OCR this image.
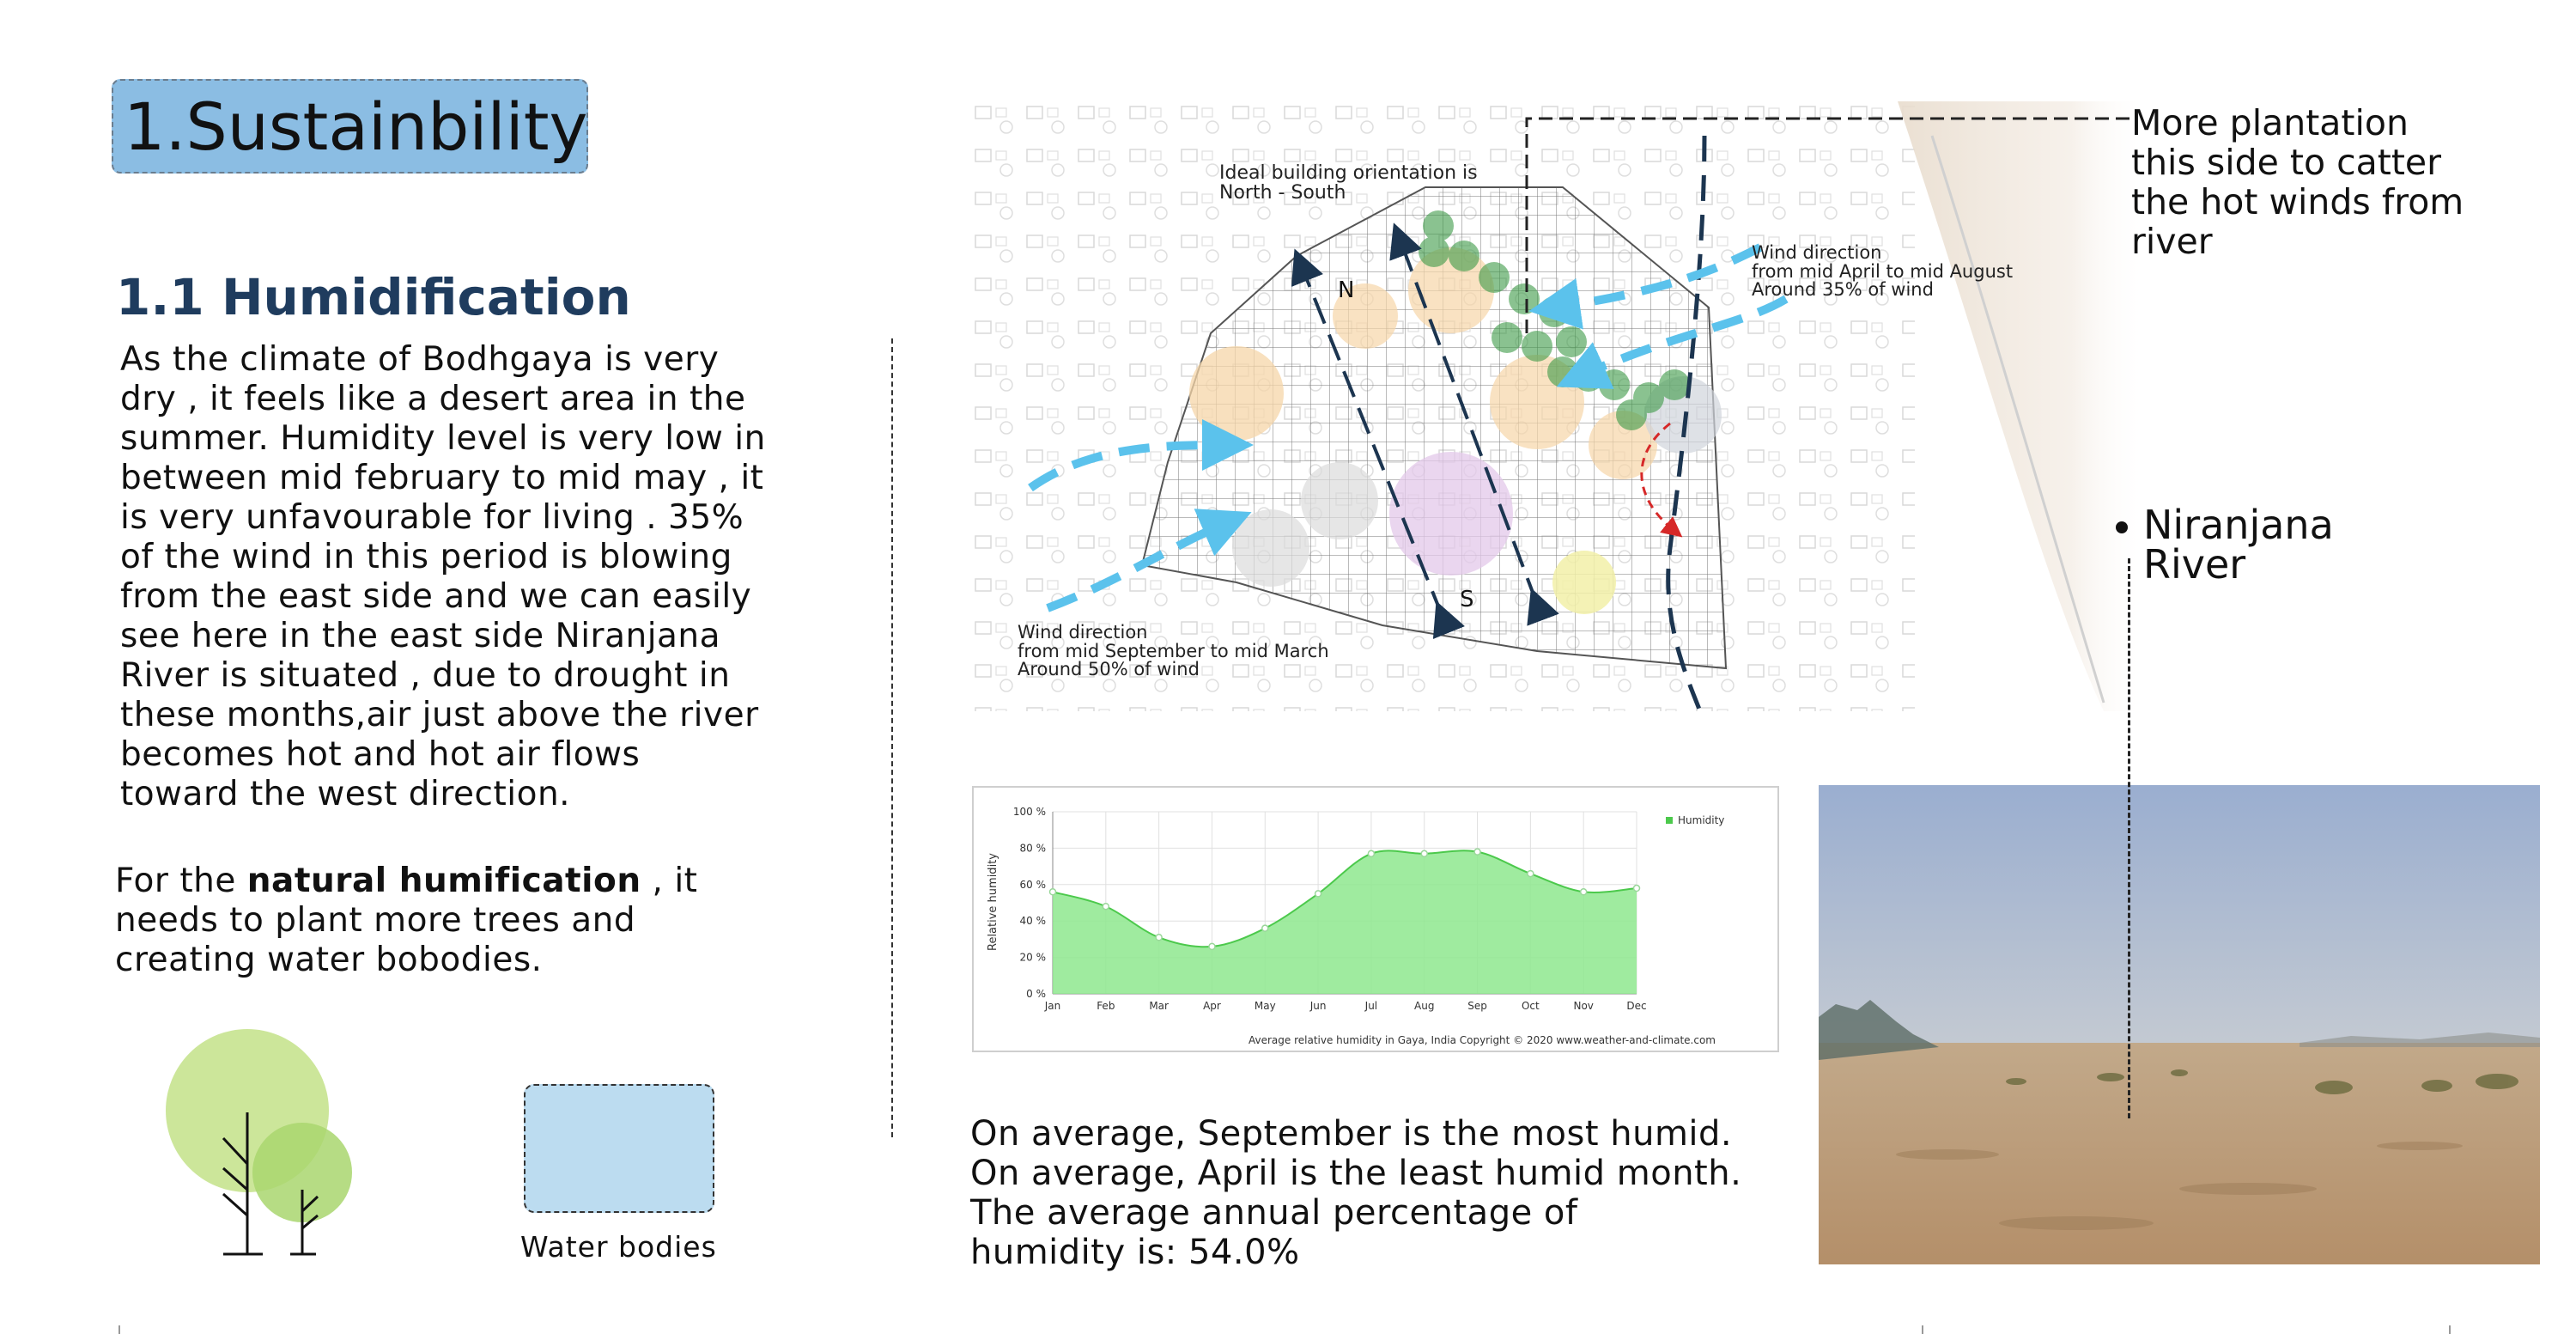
1.Sustainbility
1.1 Humidification
As the climate of Bodhgaya is very
dry , it feels like a desert area in the
summer. Humidity level is very low in
between mid february to mid may , it
is very unfavourable for living . 35%
of the wind in this period is blowing
from the east side and we can easily
see here in the east side Niranjana
River is situated , due to drought in
these months,air just above the river
becomes hot and hot air flows
toward the west direction.
For the natural humification , it
needs to plant more trees and
creating water bobodies.
Water bodies
Ideal building orientation is
North - South
Wind direction
from mid April to mid August
Around 35% of wind
Wind direction
from mid September to mid March
Around 50% of wind
N
S
More plantation
this side to catter
the hot winds from
river
Niranjana
River
Relative humidity
0 %
20 %
40 %
60 %
80 %
100 %
Jan	Feb	Mar	Apr	May	Jun	Jul	Aug	Sep	Oct	Nov	Dec
Humidity
Average relative humidity in Gaya, India Copyright © 2020 www.weather-and-climate.com
On average, September is the most humid.
On average, April is the least humid month.
The average annual percentage of
humidity is: 54.0%
